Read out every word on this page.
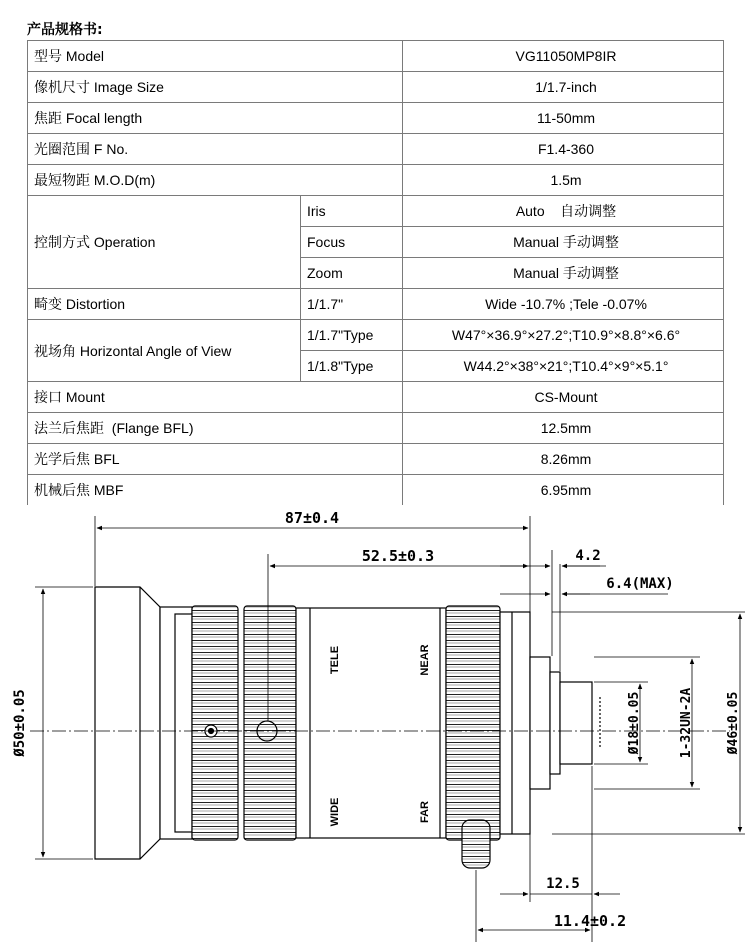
产品规格书:
型号 Model		VG11050MP8IR
像机尺寸 Image Size		1/1.7-inch
焦距 Focal length		11-50mm
光圈范围 F No.		F1.4-360
最短物距 M.O.D(m)		1.5m
控制方式 Operation	Iris	Auto    自动调整
	Focus	Manual 手动调整
	Zoom	Manual 手动调整
畸变 Distortion	1/1.7"	Wide -10.7% ;Tele -0.07%
视场角 Horizontal Angle of View	1/1.7"Type	W47°×36.9°×27.2°;T10.9°×8.8°×6.6°
	1/1.8"Type	W44.2°×38°×21°;T10.4°×9°×5.1°
接口 Mount		CS-Mount
法兰后焦距  (Flange BFL)		12.5mm
光学后焦 BFL		8.26mm
机械后焦 MBF		6.95mm
TELE
WIDE
NEAR
FAR
87±0.4
52.5±0.3	4.2
6.4(MAX)
Ø50±0.05	Ø18±0.05	1-32UN-2A Ø46±0.05
12.5
11.4±0.2
